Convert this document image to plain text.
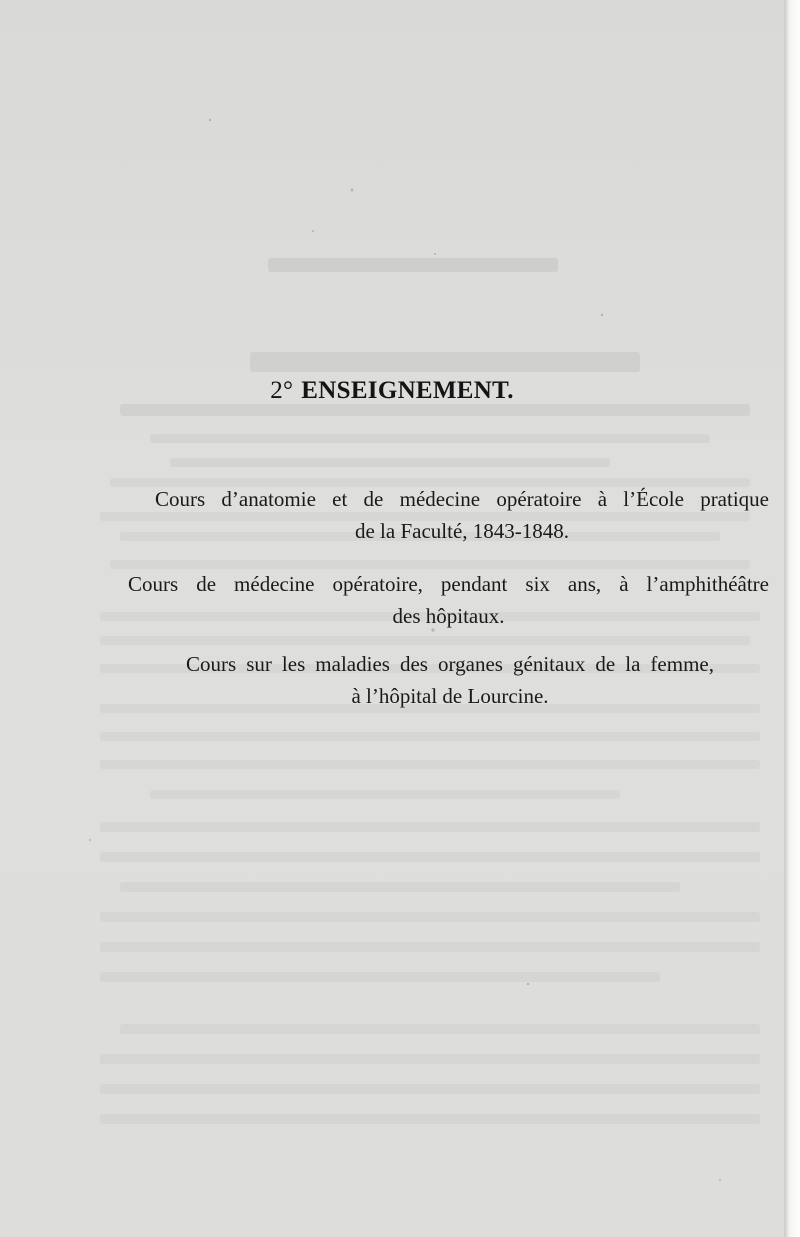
2° ENSEIGNEMENT.
Cours d’anatomie et de médecine opératoire à l’École pratique
de la Faculté, 1843-1848.
Cours de médecine opératoire, pendant six ans, à l’amphithéâtre
des hôpitaux.
Cours sur les maladies des organes génitaux de la femme,
à l’hôpital de Lourcine.
